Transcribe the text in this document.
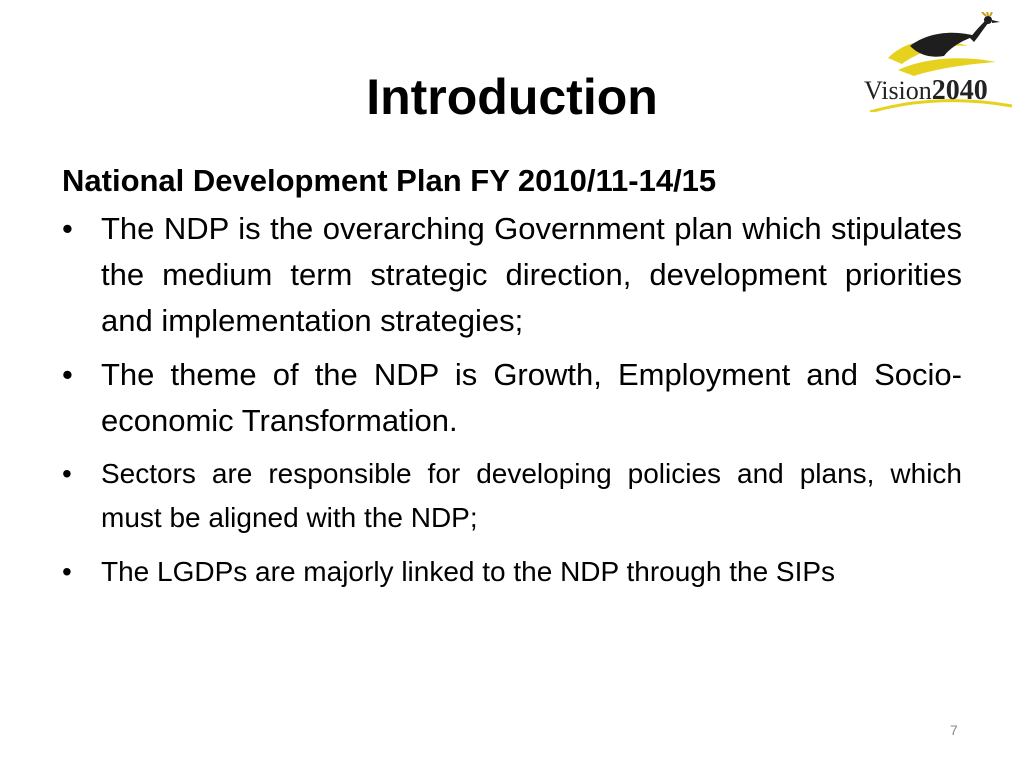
Introduction	Vision2040
National Development Plan FY 2010/11-14/15
• The NDP is the overarching Government plan which stipulates the medium term strategic direction, development priorities and implementation strategies;
• The theme of the NDP is Growth, Employment and Socio-economic Transformation.
• Sectors are responsible for developing policies and plans, which must be aligned with the NDP;
• The LGDPs are majorly linked to the NDP through the SIPs
7
